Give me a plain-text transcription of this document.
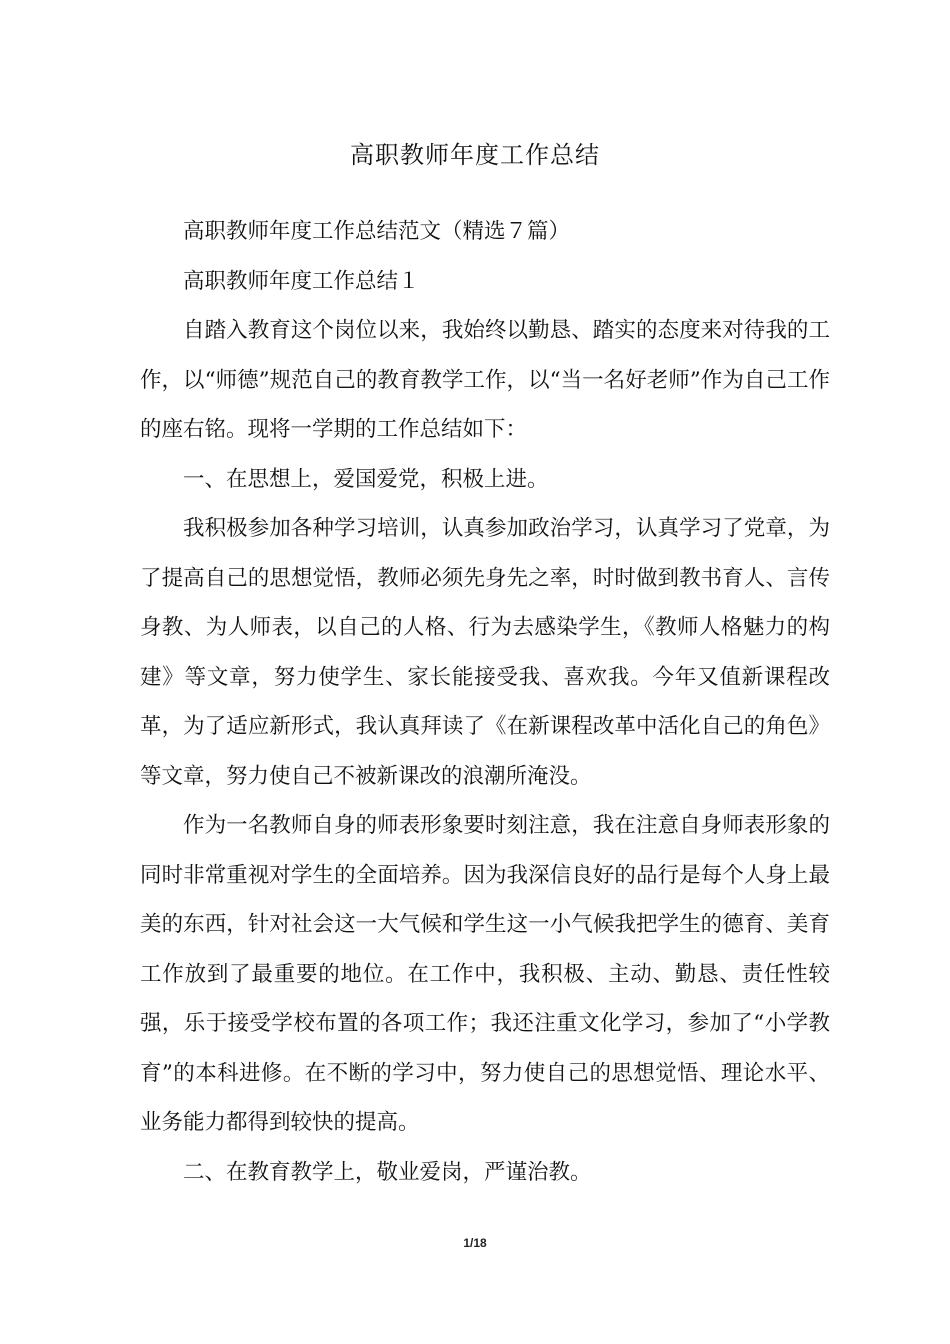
高职教师年度工作总结

高职教师年度工作总结范文（精选７篇）

高职教师年度工作总结１

自踏入教育这个岗位以来，我始终以勤恳、踏实的态度来对待我的工作，以“师德”规范自己的教育教学工作，以“当一名好老师”作为自己工作的座右铭。现将一学期的工作总结如下：

一、在思想上，爱国爱党，积极上进。

我积极参加各种学习培训，认真参加政治学习，认真学习了党章，为了提高自己的思想觉悟，教师必须先身先之率，时时做到教书育人、言传身教、为人师表，以自己的人格、行为去感染学生，《教师人格魅力的构建》等文章，努力使学生、家长能接受我、喜欢我。今年又值新课程改革，为了适应新形式，我认真拜读了《在新课程改革中活化自己的角色》等文章，努力使自己不被新课改的浪潮所淹没。

作为一名教师自身的师表形象要时刻注意，我在注意自身师表形象的同时非常重视对学生的全面培养。因为我深信良好的品行是每个人身上最美的东西，针对社会这一大气候和学生这一小气候我把学生的德育、美育工作放到了最重要的地位。在工作中，我积极、主动、勤恳、责任性较强，乐于接受学校布置的各项工作；我还注重文化学习，参加了“小学教育”的本科进修。在不断的学习中，努力使自己的思想觉悟、理论水平、业务能力都得到较快的提高。

二、在教育教学上，敬业爱岗，严谨治教。

1/18
